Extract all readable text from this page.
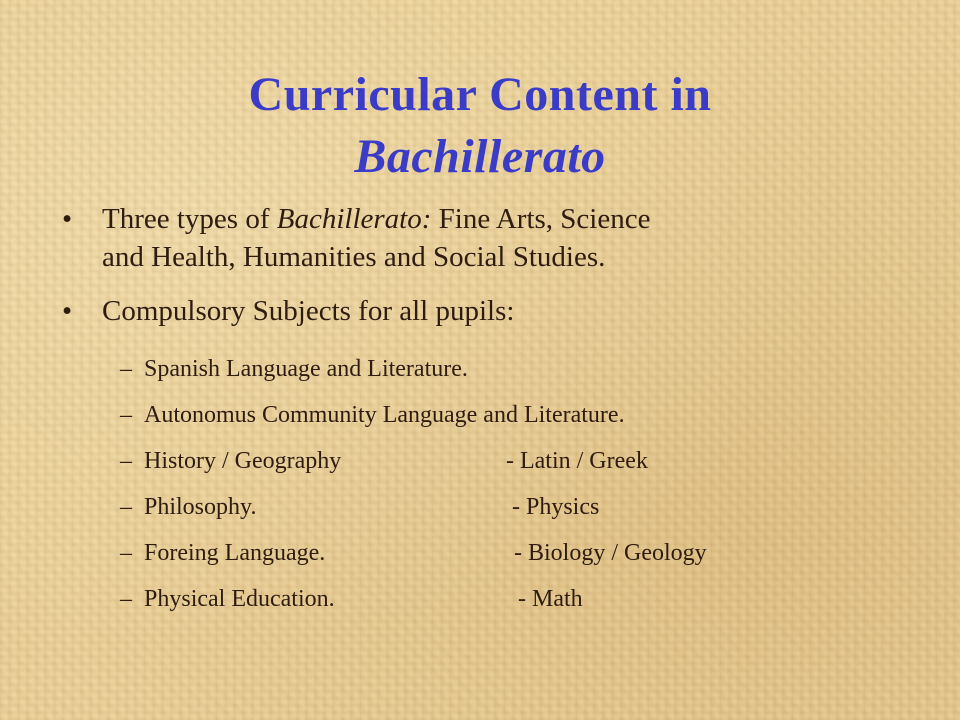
Curricular Content in
Bachillerato
• Three types of Bachillerato: Fine Arts, Science
and Health, Humanities and Social Studies.
• Compulsory Subjects for all pupils:
– Spanish Language and Literature.
– Autonomus Community Language and Literature.
– History / Geography	- Latin / Greek
– Philosophy.	- Physics
– Foreing Language.	- Biology / Geology
– Physical Education.	- Math
